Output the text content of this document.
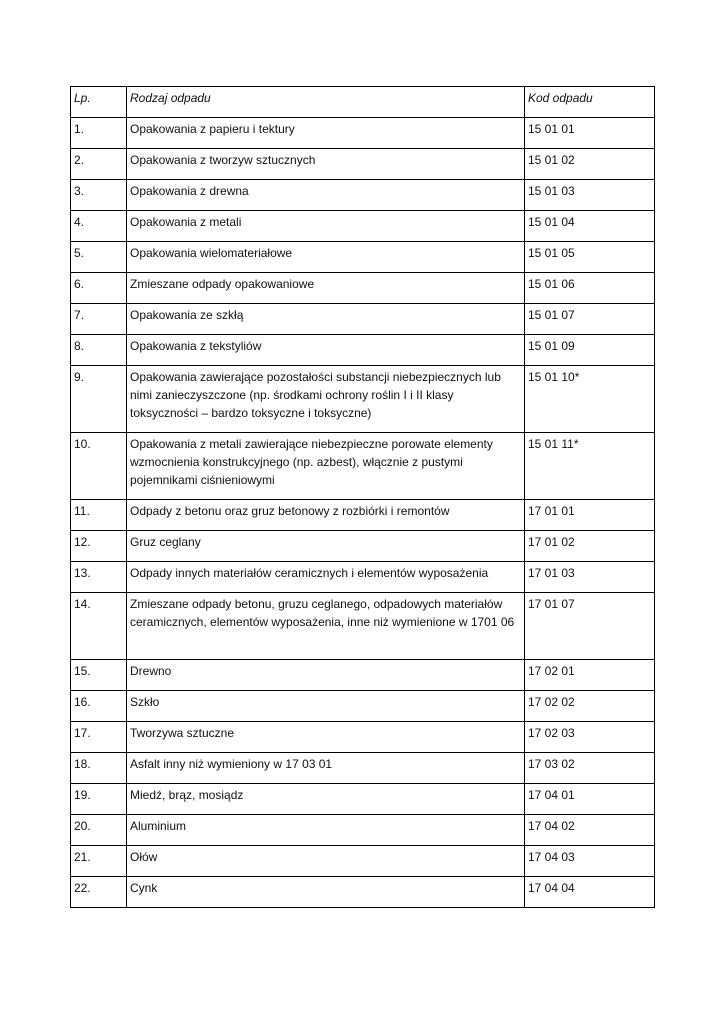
Lp.	Rodzaj odpadu	Kod odpadu
1.	Opakowania z papieru i tektury	15 01 01
2.	Opakowania z tworzyw sztucznych	15 01 02
3.	Opakowania z drewna	15 01 03
4.	Opakowania z metali	15 01 04
5.	Opakowania wielomateriałowe	15 01 05
6.	Zmieszane odpady opakowaniowe	15 01 06
7.	Opakowania ze szkłą	15 01 07
8.	Opakowania z tekstyliów	15 01 09
9.	Opakowania zawierające pozostałości substancji niebezpiecznych lub nimi zanieczyszczone (np. środkami ochrony roślin I i II klasy toksyczności – bardzo toksyczne i toksyczne)	15 01 10*
10.	Opakowania z metali zawierające niebezpieczne porowate elementy wzmocnienia konstrukcyjnego (np. azbest), włącznie z pustymi pojemnikami ciśnieniowymi	15 01 11*
11.	Odpady z betonu oraz gruz betonowy z rozbiórki i remontów	17 01 01
12.	Gruz ceglany	17 01 02
13.	Odpady innych materiałów ceramicznych i elementów wyposażenia	17 01 03
14.	Zmieszane odpady betonu, gruzu ceglanego, odpadowych materiałów ceramicznych, elementów wyposażenia, inne niż wymienione w 1701 06	17 01 07
15.	Drewno	17 02 01
16.	Szkło	17 02 02
17.	Tworzywa sztuczne	17 02 03
18.	Asfalt inny niż wymieniony w 17 03 01	17 03 02
19.	Miedź, brąz, mosiądz	17 04 01
20.	Aluminium	17 04 02
21.	Ołów	17 04 03
22.	Cynk	17 04 04
